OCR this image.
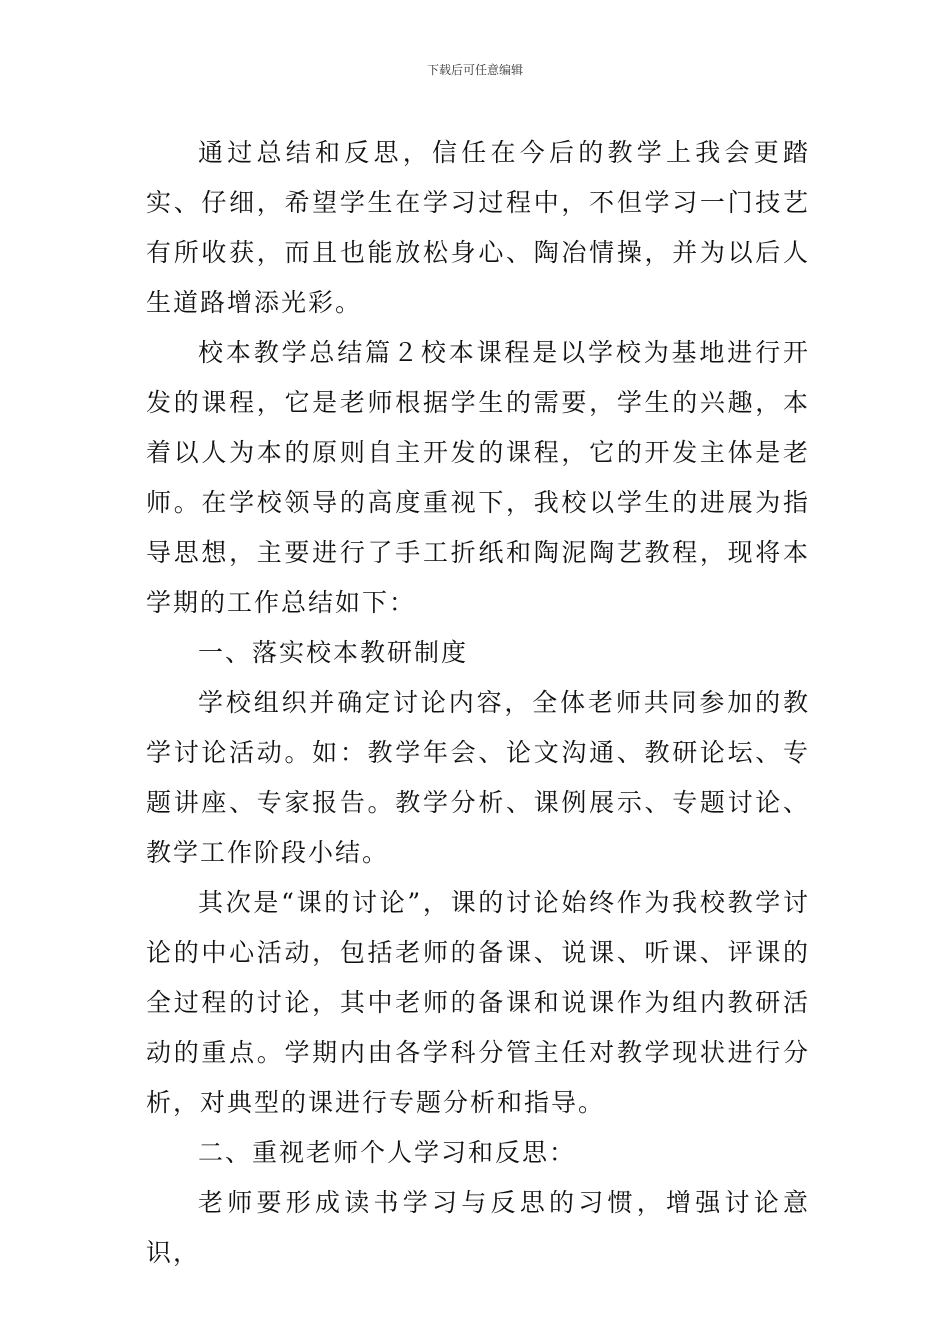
下载后可任意编辑

通过总结和反思，信任在今后的教学上我会更踏实、仔细，希望学生在学习过程中，不但学习一门技艺有所收获，而且也能放松身心、陶冶情操，并为以后人生道路增添光彩。

校本教学总结篇２校本课程是以学校为基地进行开发的课程，它是老师根据学生的需要，学生的兴趣，本着以人为本的原则自主开发的课程，它的开发主体是老师。在学校领导的高度重视下，我校以学生的进展为指导思想，主要进行了手工折纸和陶泥陶艺教程，现将本学期的工作总结如下：

一、落实校本教研制度

学校组织并确定讨论内容，全体老师共同参加的教学讨论活动。如：教学年会、论文沟通、教研论坛、专题讲座、专家报告。教学分析、课例展示、专题讨论、教学工作阶段小结。

其次是“课的讨论”，课的讨论始终作为我校教学讨论的中心活动，包括老师的备课、说课、听课、评课的全过程的讨论，其中老师的备课和说课作为组内教研活动的重点。学期内由各学科分管主任对教学现状进行分析，对典型的课进行专题分析和指导。

二、重视老师个人学习和反思：

老师要形成读书学习与反思的习惯，增强讨论意识，
